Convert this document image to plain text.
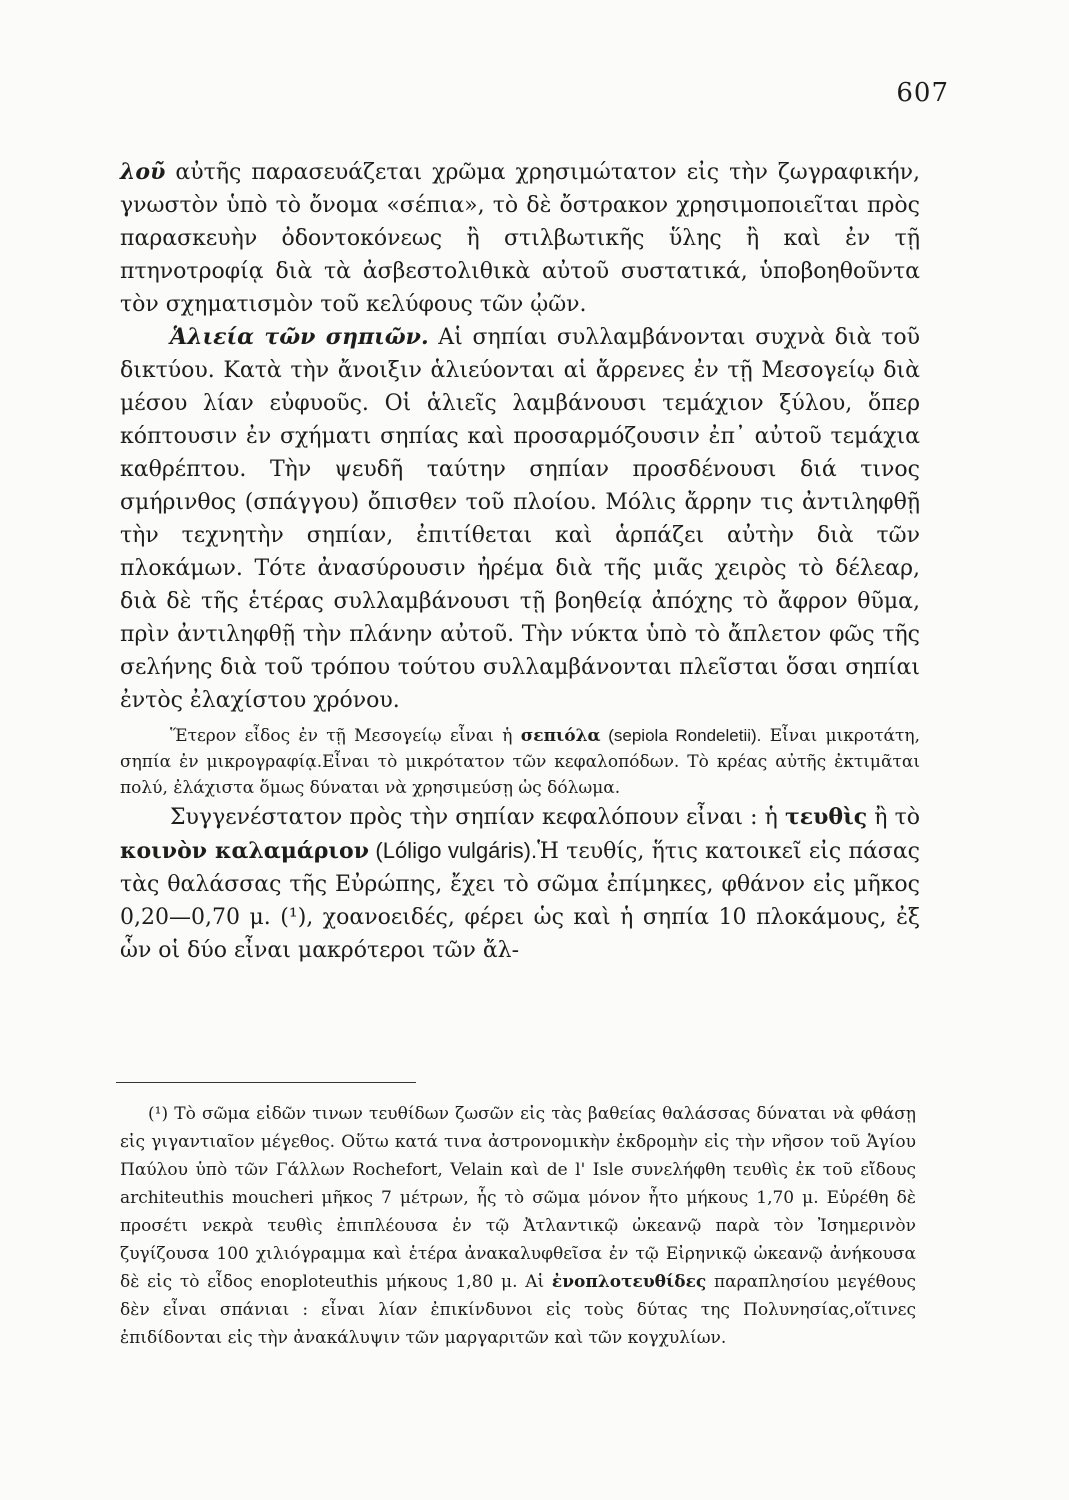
607

λοῦ αὐτῆς παρασευάζεται χρῶμα χρησιμώτατον εἰς τὴν ζωγραφικήν, γνωστὸν ὑπὸ τὸ ὄνομα «σέπια», τὸ δὲ ὄστρακον χρησιμοποιεῖται πρὸς παρασκευὴν ὀδοντοκόνεως ἢ στιλβωτικῆς ὕλης ἢ καὶ ἐν τῇ πτηνοτροφίᾳ διὰ τὰ ἀσβεστολιθικὰ αὐτοῦ συστατικά, ὑποβοηθοῦντα τὸν σχηματισμὸν τοῦ κελύφους τῶν ᾠῶν.

Ἁλιεία τῶν σηπιῶν. Αἱ σηπίαι συλλαμβάνονται συχνὰ διὰ τοῦ δικτύου. Κατὰ τὴν ἄνοιξιν ἁλιεύονται αἱ ἄρρενες ἐν τῇ Μεσογείῳ διὰ μέσου λίαν εὐφυοῦς. Οἱ ἁλιεῖς λαμβάνουσι τεμάχιον ξύλου, ὅπερ κόπτουσιν ἐν σχήματι σηπίας καὶ προσαρμόζουσιν ἐπ᾽ αὐτοῦ τεμάχια καθρέπτου. Τὴν ψευδῆ ταύτην σηπίαν προσδένουσι διά τινος σμήρινθος (σπάγγου) ὄπισθεν τοῦ πλοίου. Μόλις ἄρρην τις ἀντιληφθῇ τὴν τεχνητὴν σηπίαν, ἐπιτίθεται καὶ ἁρπάζει αὐτὴν διὰ τῶν πλοκάμων. Τότε ἀνασύρουσιν ἠρέμα διὰ τῆς μιᾶς χειρὸς τὸ δέλεαρ, διὰ δὲ τῆς ἑτέρας συλλαμβάνουσι τῇ βοηθείᾳ ἀπόχης τὸ ἄφρον θῦμα, πρὶν ἀντιληφθῇ τὴν πλάνην αὐτοῦ. Τὴν νύκτα ὑπὸ τὸ ἄπλετον φῶς τῆς σελήνης διὰ τοῦ τρόπου τούτου συλλαμβάνονται πλεῖσται ὅσαι σηπίαι ἐντὸς ἐλαχίστου χρόνου.

Ἕτερον εἶδος ἐν τῇ Μεσογείῳ εἶναι ἡ σεπιόλα (sepiola Rondeletii). Εἶναι μικροτάτη, σηπία ἐν μικρογραφίᾳ.Εἶναι τὸ μικρότατον τῶν κεφαλοπόδων. Τὸ κρέας αὐτῆς ἐκτιμᾶται πολύ, ἐλάχιστα ὅμως δύναται νὰ χρησιμεύσῃ ὡς δόλωμα.

Συγγενέστατον πρὸς τὴν σηπίαν κεφαλόπουν εἶναι : ἡ τευθὶς ἢ τὸ κοινὸν καλαμάριον (Lóligo vulgáris).Ἡ τευθίς, ἥτις κατοικεῖ εἰς πάσας τὰς θαλάσσας τῆς Εὐρώπης, ἔχει τὸ σῶμα ἐπίμηκες, φθάνον εἰς μῆκος 0,20—0,70 μ. (¹), χοανοειδές, φέρει ὡς καὶ ἡ σηπία 10 πλοκάμους, ἐξ ὧν οἱ δύο εἶναι μακρότεροι τῶν ἄλ-

(¹) Τὸ σῶμα εἰδῶν τινων τευθίδων ζωσῶν εἰς τὰς βαθείας θαλάσσας δύναται νὰ φθάσῃ εἰς γιγαντιαῖον μέγεθος. Οὕτω κατά τινα ἀστρονομικὴν ἐκδρομὴν εἰς τὴν νῆσον τοῦ Ἁγίου Παύλου ὑπὸ τῶν Γάλλων Rochefort, Velain καὶ de l' Isle συνελήφθη τευθὶς ἐκ τοῦ εἴδους architeuthis moucheri μῆκος 7 μέτρων, ἧς τὸ σῶμα μόνον ἦτο μήκους 1,70 μ. Εὑρέθη δὲ προσέτι νεκρὰ τευθὶς ἐπιπλέουσα ἐν τῷ Ἀτλαντικῷ ὠκεανῷ παρὰ τὸν Ἰσημερινὸν ζυγίζουσα 100 χιλιόγραμμα καὶ ἑτέρα ἀνακαλυφθεῖσα ἐν τῷ Εἰρηνικῷ ὠκεανῷ ἀνήκουσα δὲ εἰς τὸ εἶδος enoploteuthis μήκους 1,80 μ. Αἱ ἐνοπλοτευθίδες παραπλησίου μεγέθους δὲν εἶναι σπάνιαι : εἶναι λίαν ἐπικίνδυνοι εἰς τοὺς δύτας της Πολυνησίας,οἵτινες ἐπιδίδονται εἰς τὴν ἀνακάλυψιν τῶν μαργαριτῶν καὶ τῶν κογχυλίων.
